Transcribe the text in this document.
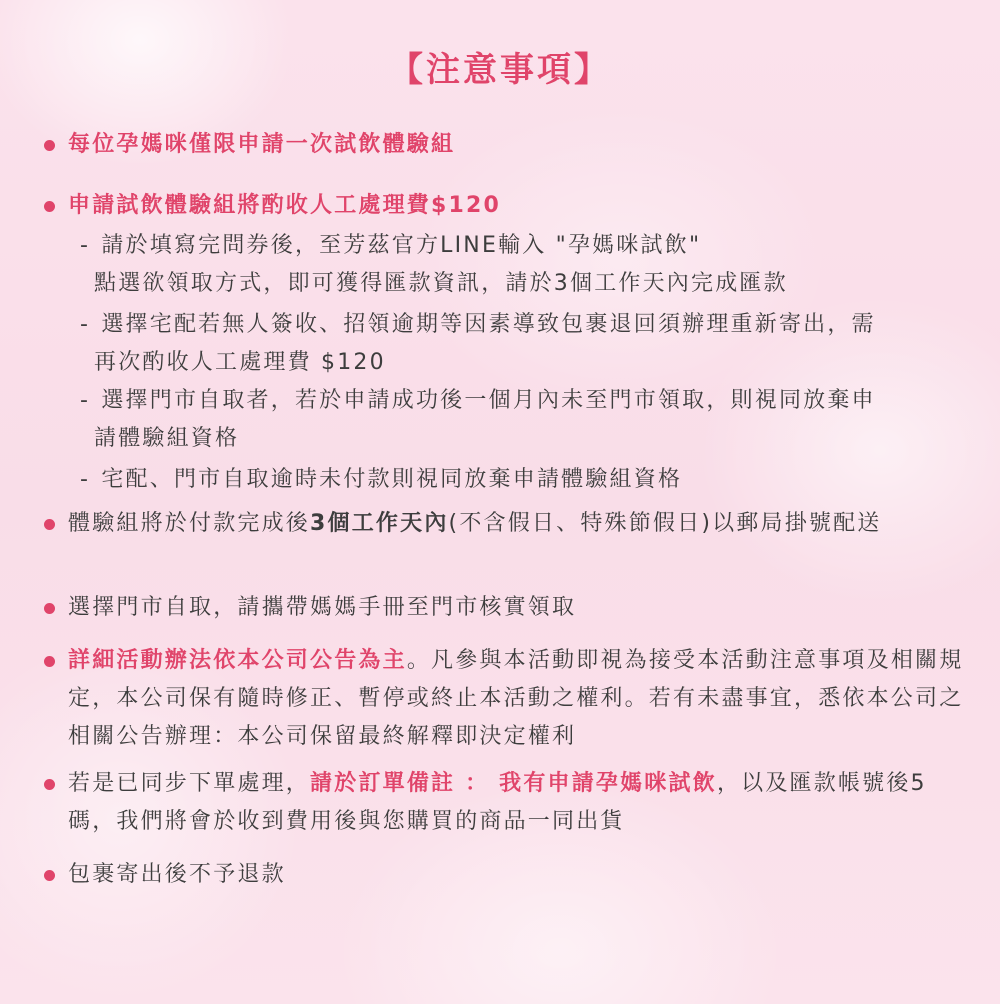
【注意事項】

每位孕媽咪僅限申請一次試飲體驗組

申請試飲體驗組將酌收人工處理費$120

- 請於填寫完問券後，至芳茲官方LINE輸入 "孕媽咪試飲"
點選欲領取方式，即可獲得匯款資訊，請於3個工作天內完成匯款

- 選擇宅配若無人簽收、招領逾期等因素導致包裹退回須辦理重新寄出，需
再次酌收人工處理費 $120

- 選擇門市自取者，若於申請成功後一個月內未至門市領取，則視同放棄申
請體驗組資格

- 宅配、門市自取逾時未付款則視同放棄申請體驗組資格

體驗組將於付款完成後3個工作天內(不含假日、特殊節假日)以郵局掛號配送

選擇門市自取，請攜帶媽媽手冊至門市核實領取

詳細活動辦法依本公司公告為主。凡參與本活動即視為接受本活動注意事項及相關規定，本公司保有隨時修正、暫停或終止本活動之權利。若有未盡事宜，悉依本公司之相關公告辦理：本公司保留最終解釋即決定權利

若是已同步下單處理，請於訂單備註 ： 我有申請孕媽咪試飲，以及匯款帳號後5碼，我們將會於收到費用後與您購買的商品一同出貨

包裹寄出後不予退款
